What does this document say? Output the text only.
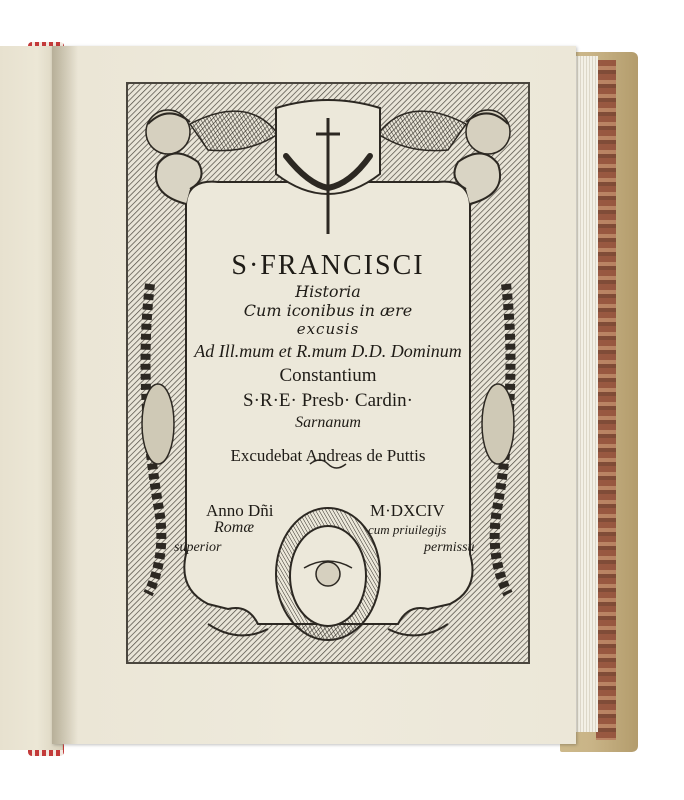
S·FRANCISCI
Historia
Cum iconibus in ære
excusis
Ad Ill.mum et R.mum D.D. Dominum
Constantium
S·R·E· Presb· Cardin·
Sarnanum
Excudebat Andreas de Puttis
Anno Dñi	M·DXCIV
Romæ	cum priuilegijs
superior	permissu
